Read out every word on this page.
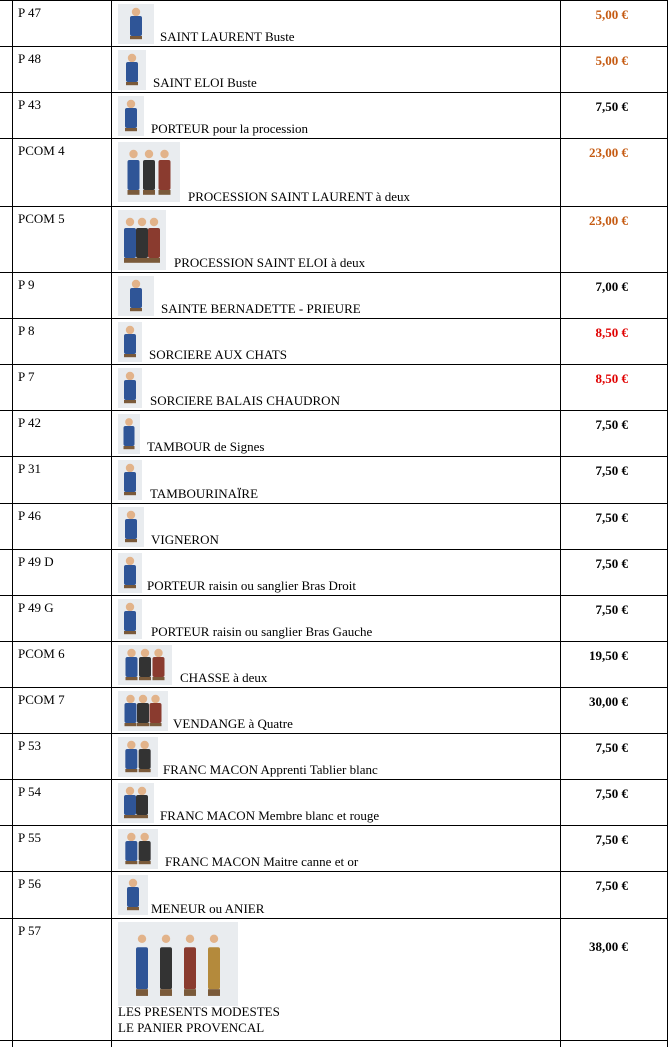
P 47
SAINT LAURENT Buste
5,00 €
P 48
SAINT ELOI Buste
5,00 €
P 43
PORTEUR pour la procession
7,50 €
PCOM 4
PROCESSION SAINT LAURENT à deux
23,00 €
PCOM 5
PROCESSION SAINT ELOI à deux
23,00 €
P 9
SAINTE BERNADETTE - PRIEURE
7,00 €
P 8
SORCIERE AUX CHATS
8,50 €
P 7
SORCIERE BALAIS CHAUDRON
8,50 €
P 42
TAMBOUR de Signes
7,50 €
P 31
TAMBOURINAÏRE
7,50 €
P 46
VIGNERON
7,50 €
P 49 D
PORTEUR raisin ou sanglier Bras Droit
7,50 €
P 49 G
PORTEUR raisin ou sanglier Bras Gauche
7,50 €
PCOM 6
CHASSE à deux
19,50 €
PCOM 7
VENDANGE à Quatre
30,00 €
P 53
FRANC MACON Apprenti Tablier blanc
7,50 €
P 54
FRANC MACON Membre blanc et rouge
7,50 €
P 55
FRANC MACON Maitre canne et or
7,50 €
P 56
MENEUR ou ANIER
7,50 €
P 57
LES PRESENTS MODESTES
LE PANIER PROVENCAL
38,00 €
